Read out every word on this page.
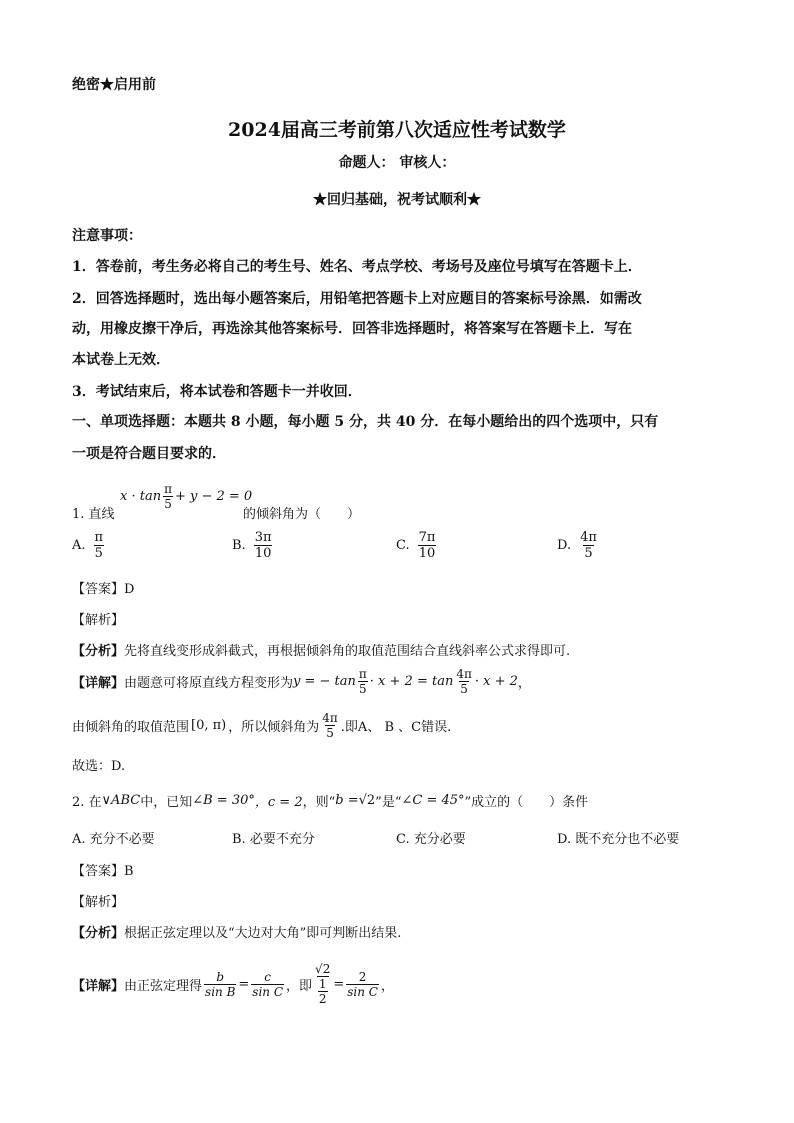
绝密★启用前
2024届高三考前第八次适应性考试数学
命题人： 审核人：
★回归基础，祝考试顺利★
注意事项：
1．答卷前，考生务必将自己的考生号、姓名、考点学校、考场号及座位号填写在答题卡上．
2．回答选择题时，选出每小题答案后，用铅笔把答题卡上对应题目的答案标号涂黑．如需改
动，用橡皮擦干净后，再选涂其他答案标号．回答非选择题时，将答案写在答题卡上．写在
本试卷上无效．
3．考试结束后，将本试卷和答题卡一并收回．
一、单项选择题：本题共 8 小题，每小题 5 分，共 40 分．在每小题给出的四个选项中，只有
一项是符合题目要求的．
$x \cdot \tan \frac{\pi}{5} + y - 2 = 0$
1. 直线	的倾斜角为（　　）
A. $\frac{\pi}{5}$	B. $\frac{3\pi}{10}$	C. $\frac{7\pi}{10}$	D. $\frac{4\pi}{5}$
【答案】D
【解析】
【分析】先将直线变形成斜截式，再根据倾斜角的取值范围结合直线斜率公式求得即可.
【详解】 由题意可将原直线方程变形为 y = − $\tan \frac{\pi}{5} \cdot x + 2 = \tan \frac{4\pi}{5} \cdot x + 2$ ，
由倾斜角的取值范围 [0, π) ，所以倾斜角为 $\frac{4\pi}{5}$ .即A、 B 、C错误.
故选：D.
2. 在 ∨ABC 中，已知 ∠B = 30° ，c = 2 ，则“ b = √2 ”是“ ∠C = 45° ”成立的（　　）条件
A. 充分不必要	B. 必要不充分	C. 充分必要	D. 既不充分也不必要
【答案】B
【解析】
【分析】根据正弦定理以及“大边对大角”即可判断出结果.
【详解】 由正弦定理得 $\frac{b}{\text{sin B}} = \frac{c}{\text{sin C}}$ ，即 √2
1
$2 = \frac{2}{\text{sin C}}$ ，
